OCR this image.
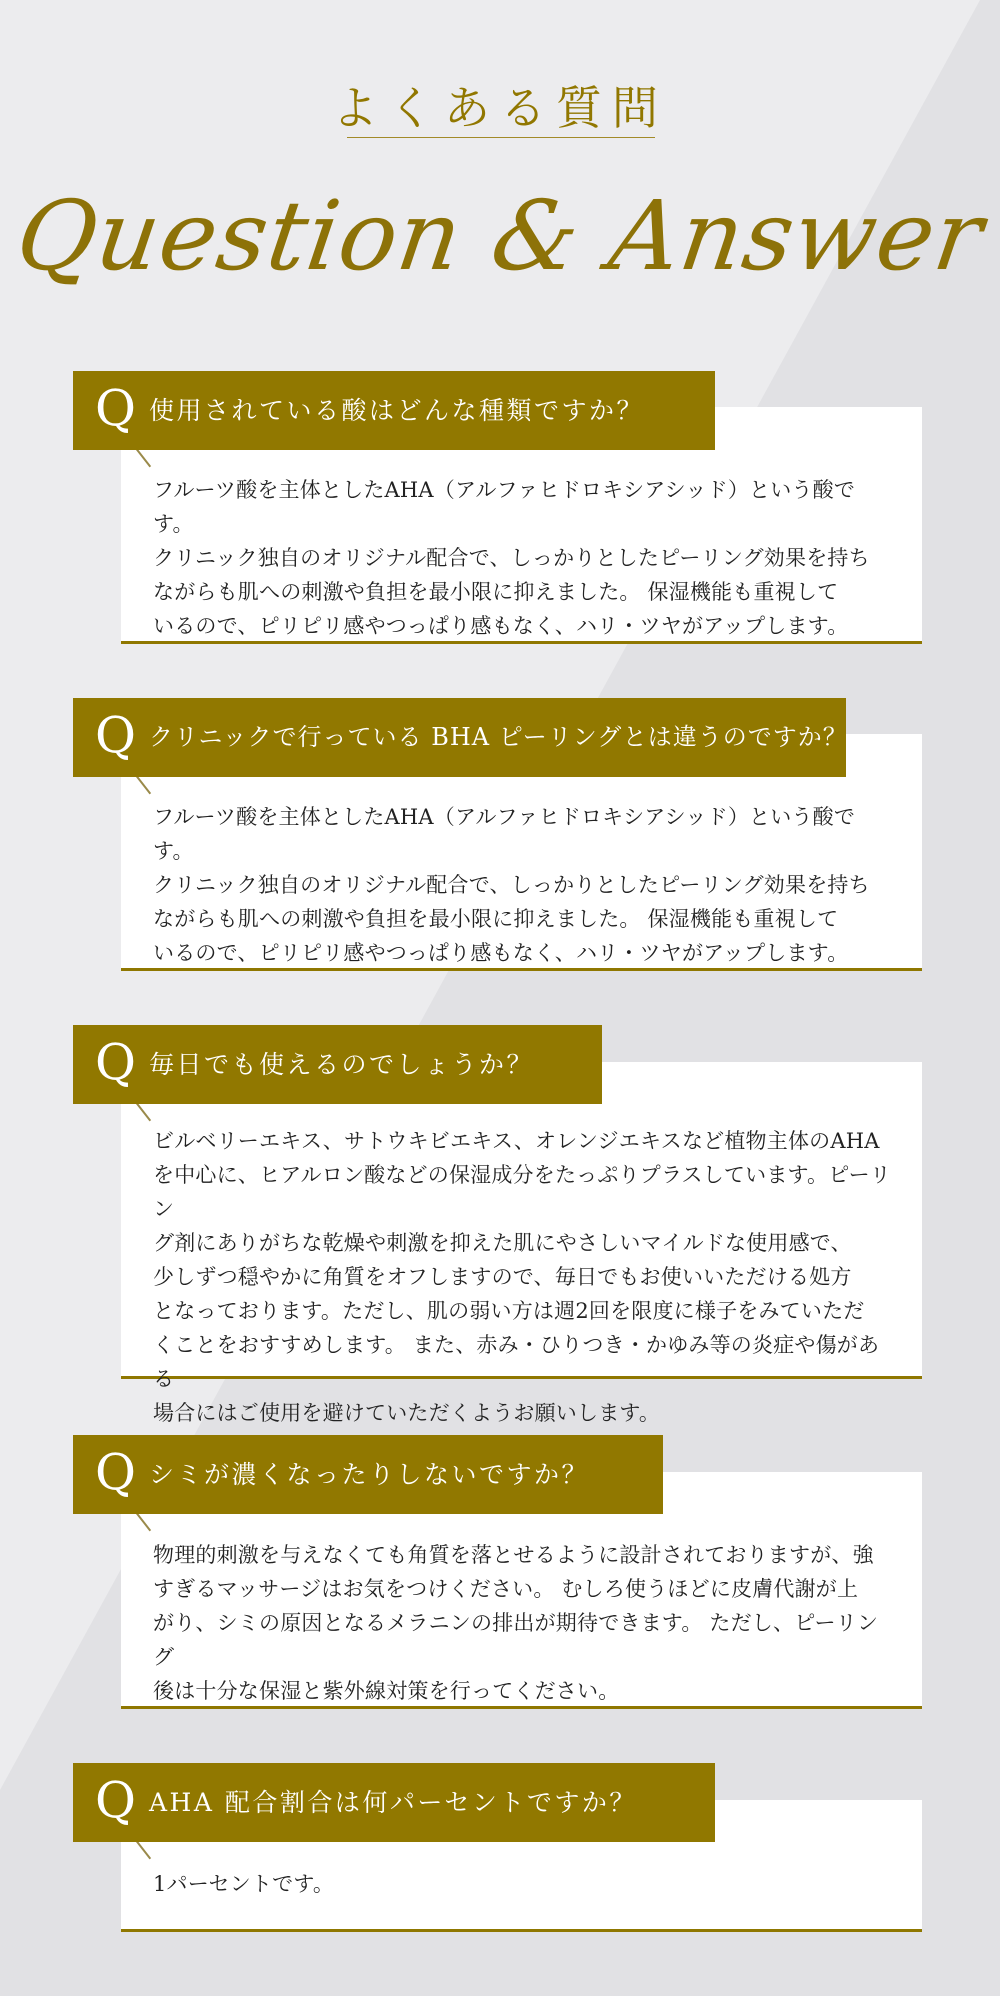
よくある質問
Question & Answer
フルーツ酸を主体としたAHA（アルファヒドロキシアシッド）という酸です。
クリニック独自のオリジナル配合で、しっかりとしたピーリング効果を持ち
ながらも肌への刺激や負担を最小限に抑えました。 保湿機能も重視して
いるので、ピリピリ感やつっぱり感もなく、ハリ・ツヤがアップします。
Q 使用されている酸はどんな種類ですか？
フルーツ酸を主体としたAHA（アルファヒドロキシアシッド）という酸です。
クリニック独自のオリジナル配合で、しっかりとしたピーリング効果を持ち
ながらも肌への刺激や負担を最小限に抑えました。 保湿機能も重視して
いるので、ピリピリ感やつっぱり感もなく、ハリ・ツヤがアップします。
Q クリニックで行っている BHA ピーリングとは違うのですか？
ビルベリーエキス、サトウキビエキス、オレンジエキスなど植物主体のAHA
を中心に、ヒアルロン酸などの保湿成分をたっぷりプラスしています。ピーリン
グ剤にありがちな乾燥や刺激を抑えた肌にやさしいマイルドな使用感で、
少しずつ穏やかに角質をオフしますので、毎日でもお使いいただける処方
となっております。ただし、肌の弱い方は週2回を限度に様子をみていただ
くことをおすすめします。 また、赤み・ひりつき・かゆみ等の炎症や傷がある
場合にはご使用を避けていただくようお願いします。
Q 毎日でも使えるのでしょうか？
物理的刺激を与えなくても角質を落とせるように設計されておりますが、強
すぎるマッサージはお気をつけください。 むしろ使うほどに皮膚代謝が上
がり、シミの原因となるメラニンの排出が期待できます。 ただし、ピーリング
後は十分な保湿と紫外線対策を行ってください。
Q シミが濃くなったりしないですか？
1パーセントです。
Q AHA 配合割合は何パーセントですか？
